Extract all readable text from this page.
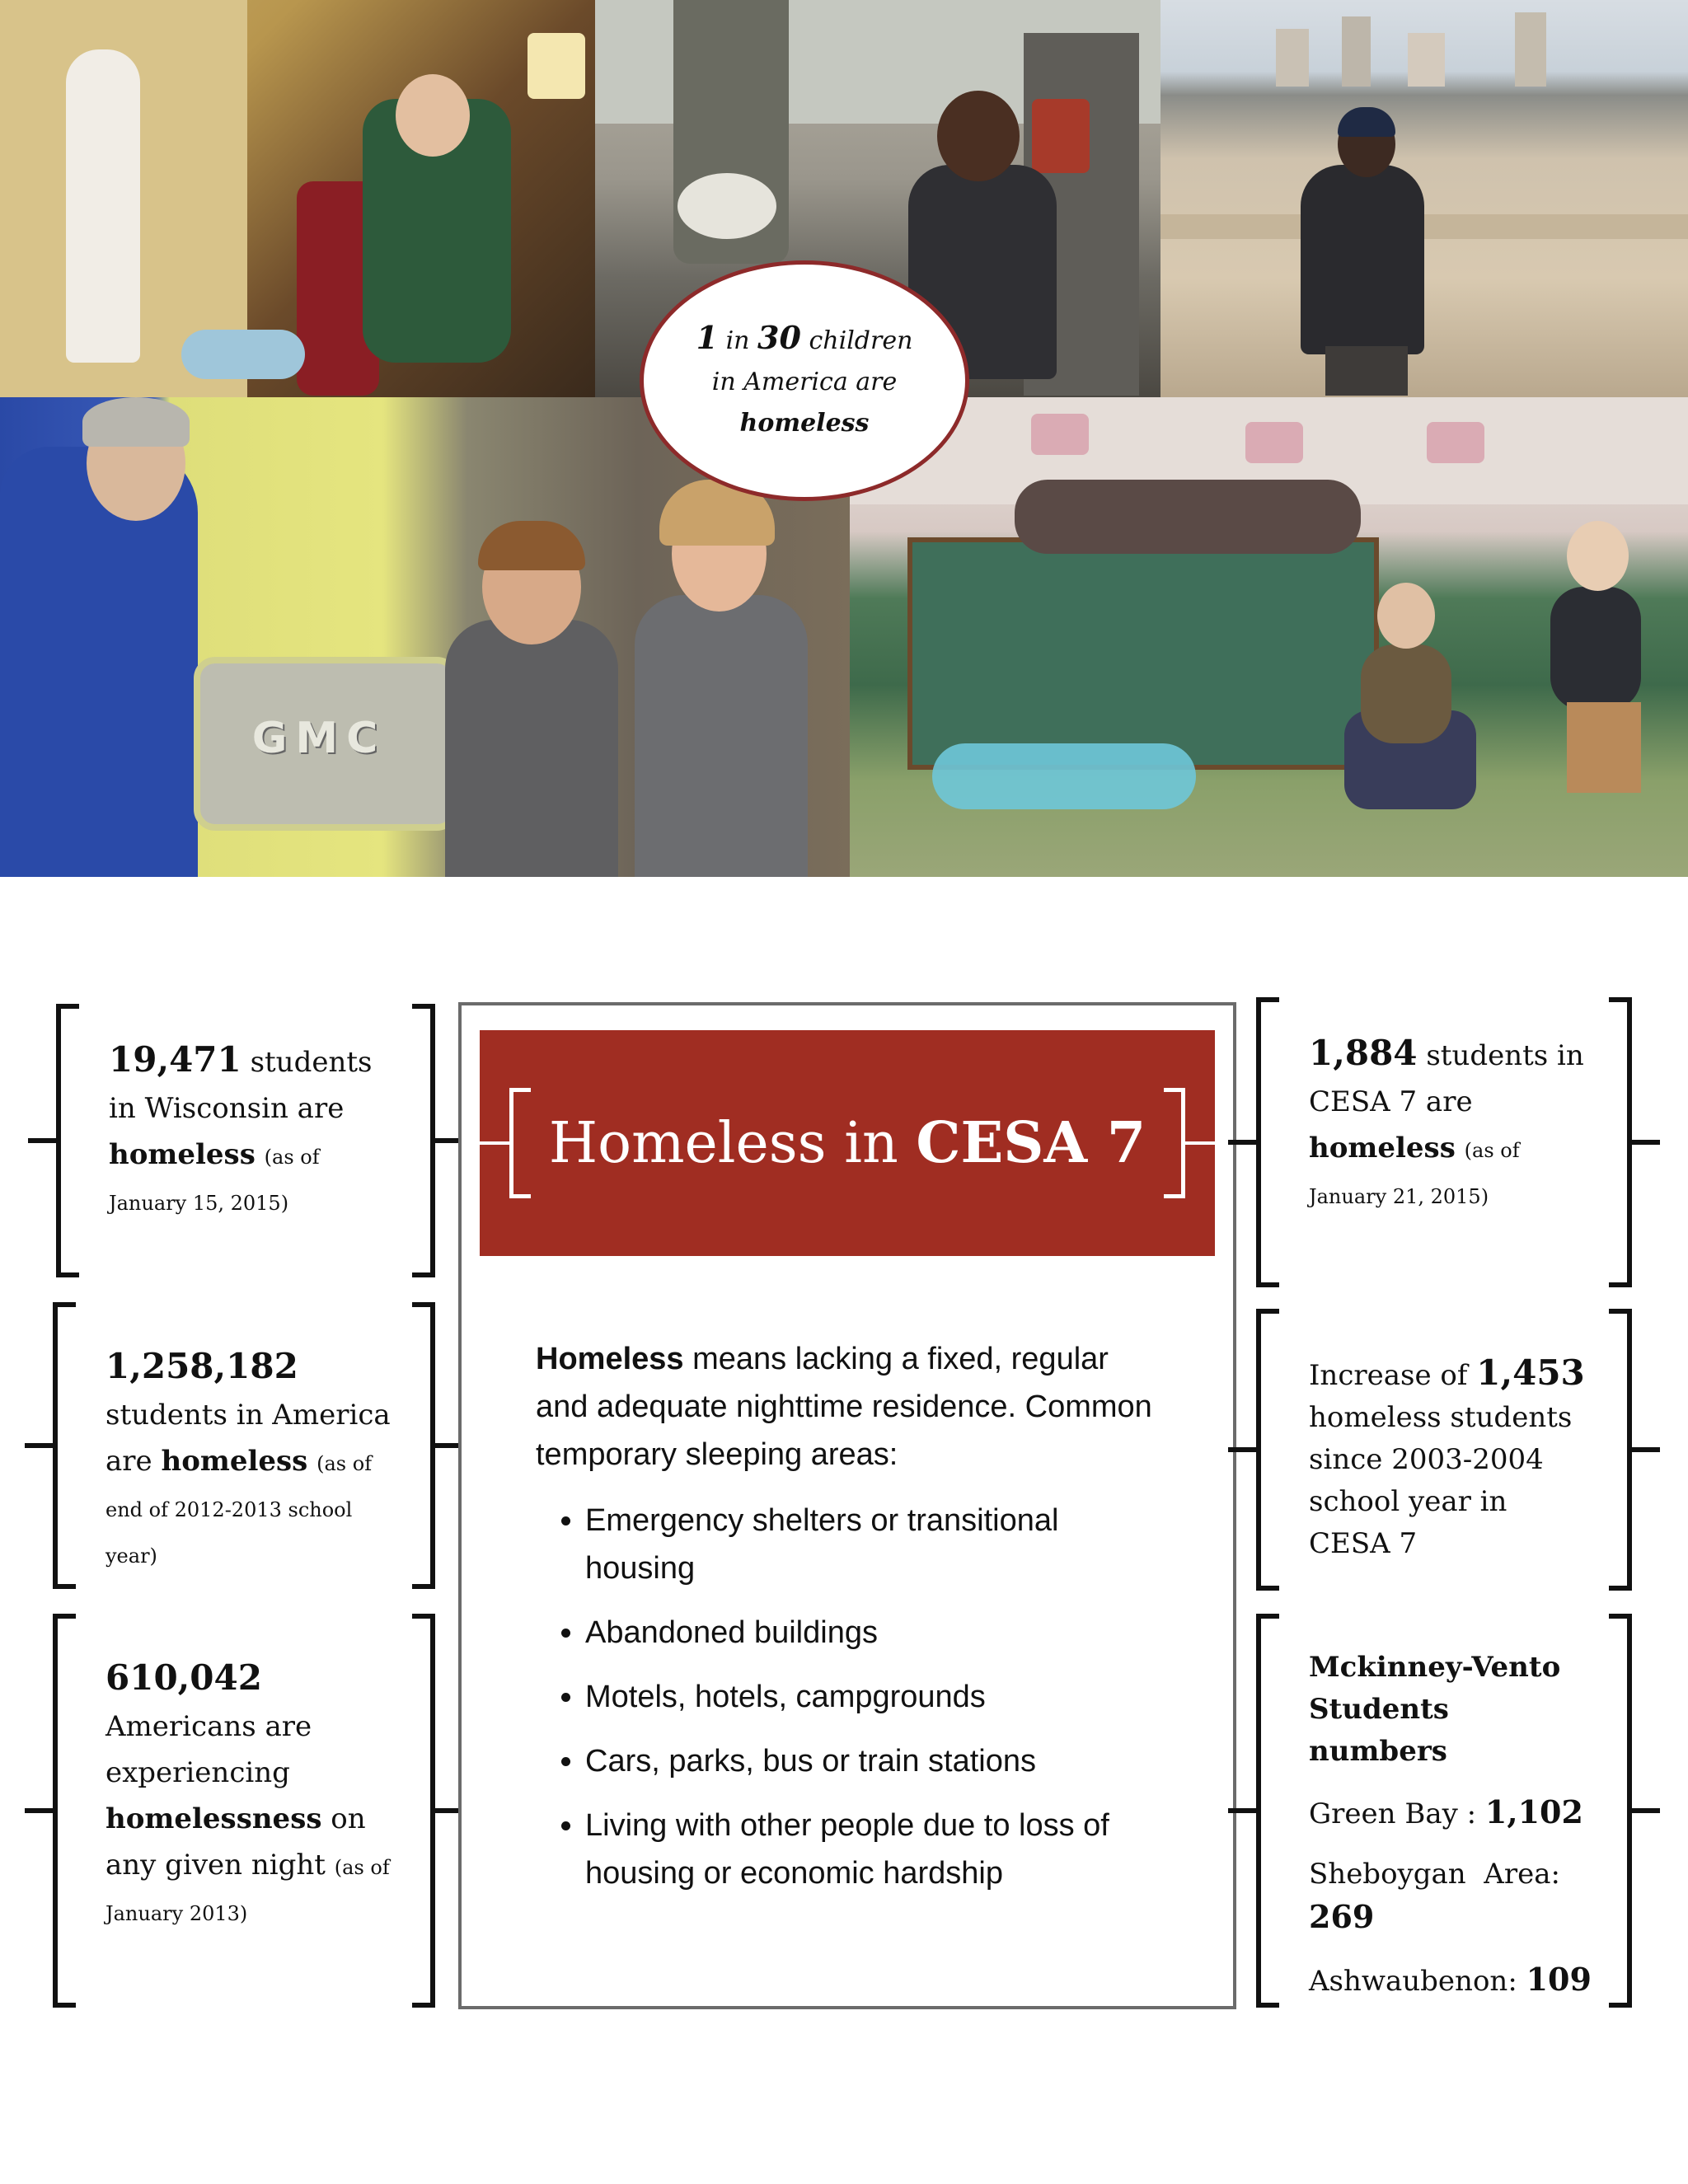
GMC
1 in 30 children
in America are
homeless
19,471 students in Wisconsin are
homeless (as of January 15, 2015)
1,258,182
students in America are homeless (as of end of 2012-2013 school year)
610,042
Americans are experiencing homelessness on any given night (as of January 2013)
Homeless in CESA 7

Homeless means lacking a fixed, regular and adequate nighttime residence. Common temporary sleeping areas:

• Emergency shelters or transitional housing
• Abandoned buildings
• Motels, hotels, campgrounds
• Cars, parks, bus or train stations
• Living with other people due to loss of housing or economic hardship
1,884 students in CESA 7 are
homeless (as of January 21, 2015)
Increase of 1,453 homeless students since 2003-2004 school year in CESA 7
Mckinney-Vento Students numbers
Green Bay : 1,102
Sheboygan  Area:
269
Ashwaubenon: 109
